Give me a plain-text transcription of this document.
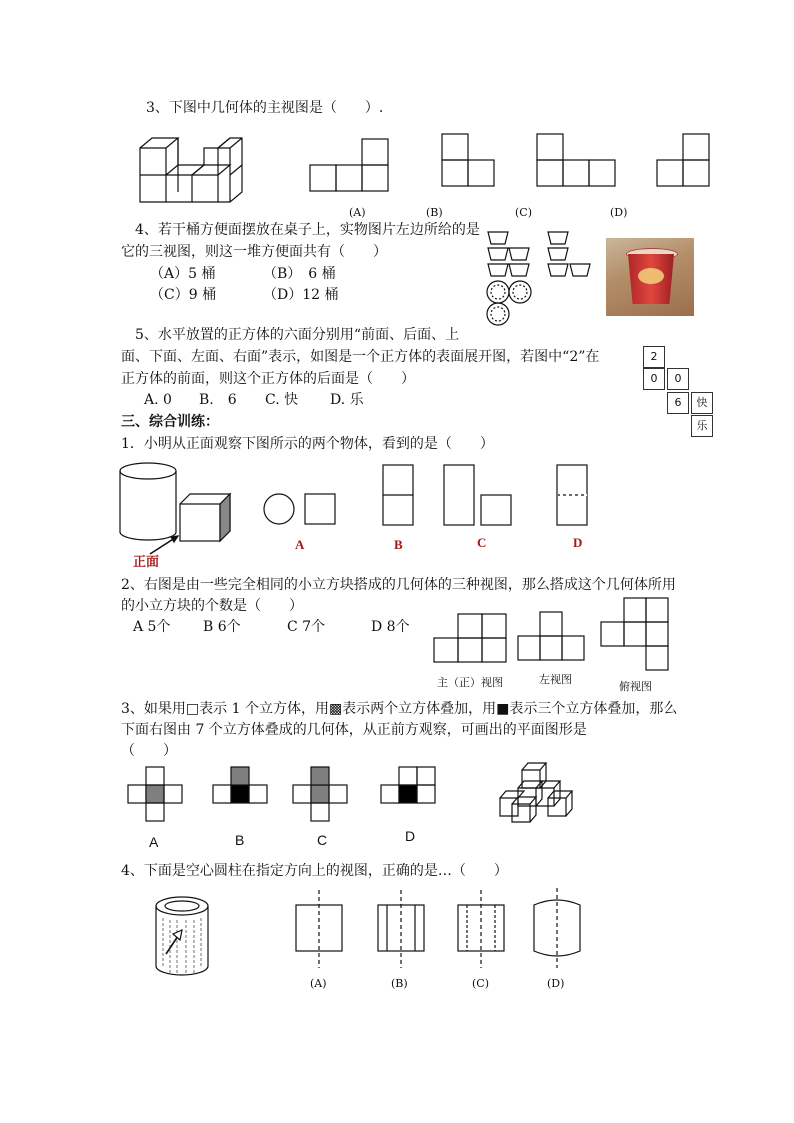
3、下图中几何体的主视图是（　　）.
(A)	(B)	(C)	(D)
4、若干桶方便面摆放在桌子上，实物图片左边所给的是
它的三视图，则这一堆方便面共有（　　）
（A）5 桶	（B）　6 桶
（C）9 桶	（D）12 桶
5、水平放置的正方体的六面分别用“前面、后面、上
面、下面、左面、右面”表示，如图是一个正方体的表面展开图，若图中“2”在
正方体的前面，则这个正方体的后面是（　　）
A. 0 B.　6 C. 快 D. 乐
2
0	0
6	快
乐
三、综合训练：
1．小明从正面观察下图所示的两个物体，看到的是（　　）
正面
A	B	C	D
2、右图是由一些完全相同的小立方块搭成的几何体的三种视图，那么搭成这个几何体所用
的小立方块的个数是（　　）
A 5个 B 6个	C 7个	D 8个
主（正）视图	左视图
俯视图
3、如果用□表示 1 个立方体，用▩表示两个立方体叠加，用■表示三个立方体叠加，那么
下面右图由 7 个立方体叠成的几何体，从正前方观察，可画出的平面图形是
（　　）
A	B	C	D
4、下面是空心圆柱在指定方向上的视图，正确的是…（　　）
(A)	(B)	(C)	(D)
